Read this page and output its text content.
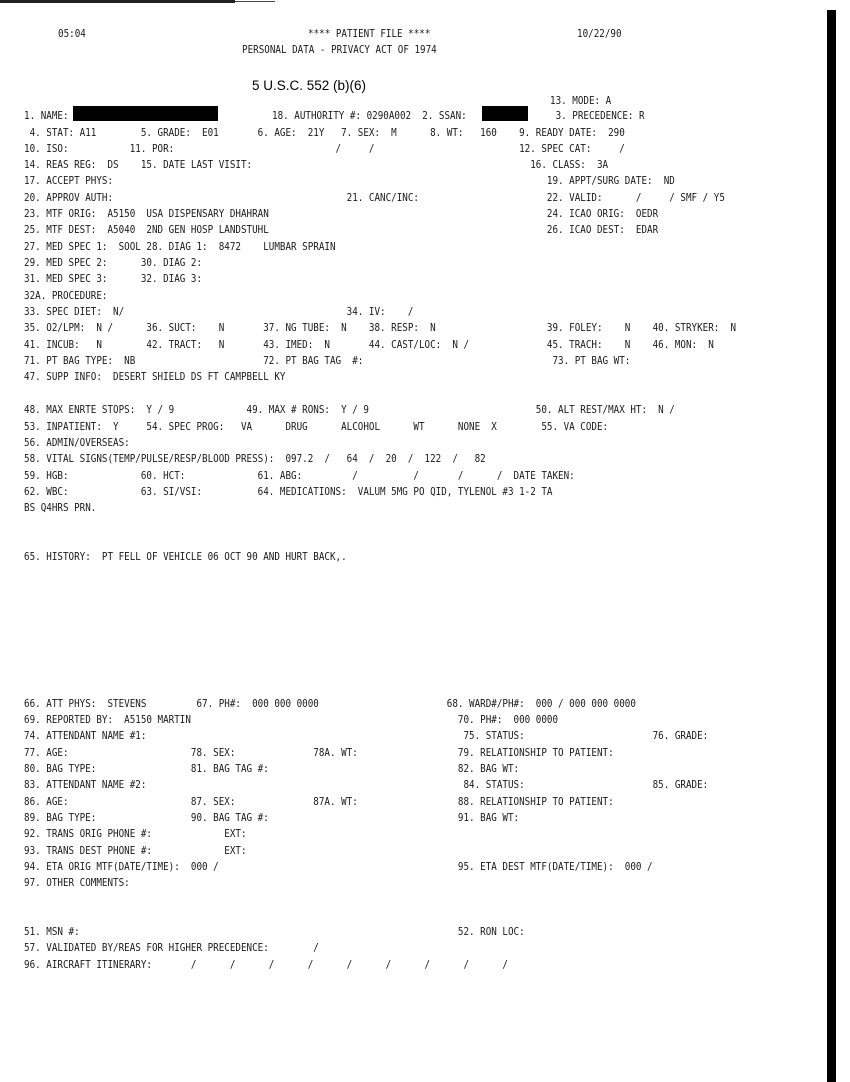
05:04	**** PATIENT FILE ****	10/22/90
PERSONAL DATA - PRIVACY ACT OF 1974
5 U.S.C. 552 (b)(6)
13. MODE: A
1. NAME:	18. AUTHORITY #: 0290A002  2. SSAN:	3. PRECEDENCE: R
4. STAT: A11        5. GRADE:  E01       6. AGE:  21Y   7. SEX:  M      8. WT:   160    9. READY DATE:  290
10. ISO:           11. POR:                             /     /                          12. SPEC CAT:     /
14. REAS REG:  DS    15. DATE LAST VISIT:                                                  16. CLASS:  3A
17. ACCEPT PHYS:                                                                              19. APPT/SURG DATE:  ND
20. APPROV AUTH:                                          21. CANC/INC:                       22. VALID:      /     / SMF / Y5
23. MTF ORIG:  A5150  USA DISPENSARY DHAHRAN                                                  24. ICAO ORIG:  OEDR
25. MTF DEST:  A5040  2ND GEN HOSP LANDSTUHL                                                  26. ICAO DEST:  EDAR
27. MED SPEC 1:  SOOL 28. DIAG 1:  8472    LUMBAR SPRAIN
29. MED SPEC 2:      30. DIAG 2:
31. MED SPEC 3:      32. DIAG 3:
32A. PROCEDURE:
33. SPEC DIET:  N/                                        34. IV:    /
35. O2/LPM:  N /      36. SUCT:    N       37. NG TUBE:  N    38. RESP:  N                    39. FOLEY:    N    40. STRYKER:  N
41. INCUB:   N        42. TRACT:   N       43. IMED:  N       44. CAST/LOC:  N /              45. TRACH:    N    46. MON:  N
71. PT BAG TYPE:  NB                       72. PT BAG TAG  #:                                  73. PT BAG WT:
47. SUPP INFO:  DESERT SHIELD DS FT CAMPBELL KY
48. MAX ENRTE STOPS:  Y / 9             49. MAX # RONS:  Y / 9                              50. ALT REST/MAX HT:  N /
53. INPATIENT:  Y     54. SPEC PROG:   VA      DRUG      ALCOHOL      WT      NONE  X        55. VA CODE:
56. ADMIN/OVERSEAS:
58. VITAL SIGNS(TEMP/PULSE/RESP/BLOOD PRESS):  097.2  /   64  /  20  /  122  /   82
59. HGB:             60. HCT:             61. ABG:         /          /       /      /  DATE TAKEN:
62. WBC:             63. SI/VSI:          64. MEDICATIONS:  VALUM 5MG PO QID, TYLENOL #3 1-2 TA
BS Q4HRS PRN.
65. HISTORY:  PT FELL OF VEHICLE 06 OCT 90 AND HURT BACK,.
66. ATT PHYS:  STEVENS         67. PH#:  000 000 0000                       68. WARD#/PH#:  000 / 000 000 0000
69. REPORTED BY:  A5150 MARTIN                                                70. PH#:  000 0000
74. ATTENDANT NAME #1:                                                         75. STATUS:                       76. GRADE:
77. AGE:                      78. SEX:              78A. WT:                  79. RELATIONSHIP TO PATIENT:
80. BAG TYPE:                 81. BAG TAG #:                                  82. BAG WT:
83. ATTENDANT NAME #2:                                                         84. STATUS:                       85. GRADE:
86. AGE:                      87. SEX:              87A. WT:                  88. RELATIONSHIP TO PATIENT:
89. BAG TYPE:                 90. BAG TAG #:                                  91. BAG WT:
92. TRANS ORIG PHONE #:             EXT:
93. TRANS DEST PHONE #:             EXT:
94. ETA ORIG MTF(DATE/TIME):  000 /                                           95. ETA DEST MTF(DATE/TIME):  000 /
97. OTHER COMMENTS:
51. MSN #:                                                                    52. RON LOC:
57. VALIDATED BY/REAS FOR HIGHER PRECEDENCE:        /
96. AIRCRAFT ITINERARY:       /      /      /      /      /      /      /      /      /
